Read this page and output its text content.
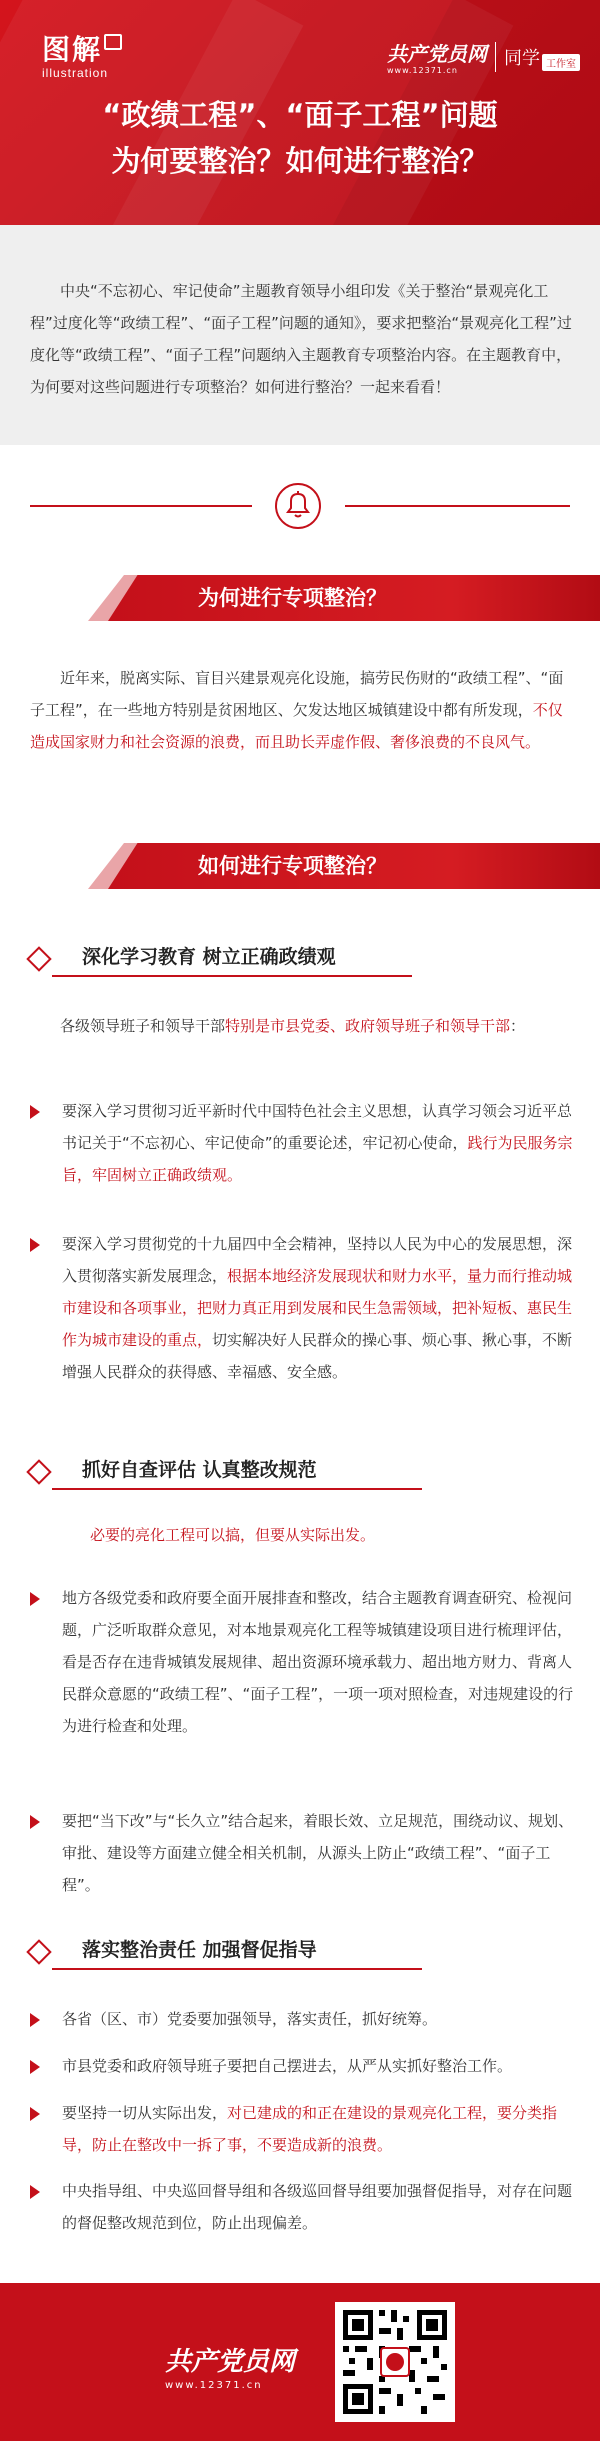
图解
illustration
共产党员网
www.12371.cn
同学 工作室
“政绩工程”、“面子工程”问题
为何要整治？如何进行整治？

中央“不忘初心、牢记使命”主题教育领导小组印发《关于整治“景观亮化工程”过度化等“政绩工程”、“面子工程”问题的通知》，要求把整治“景观亮化工程”过度化等“政绩工程”、“面子工程”问题纳入主题教育专项整治内容。在主题教育中，为何要对这些问题进行专项整治？如何进行整治？一起来看看！

为何进行专项整治？

近年来，脱离实际、盲目兴建景观亮化设施，搞劳民伤财的“政绩工程”、“面子工程”，在一些地方特别是贫困地区、欠发达地区城镇建设中都有所发现，不仅造成国家财力和社会资源的浪费，而且助长弄虚作假、奢侈浪费的不良风气。

如何进行专项整治？
深化学习教育 树立正确政绩观

各级领导班子和领导干部特别是市县党委、政府领导班子和领导干部：

要深入学习贯彻习近平新时代中国特色社会主义思想，认真学习领会习近平总书记关于“不忘初心、牢记使命”的重要论述，牢记初心使命，践行为民服务宗旨，牢固树立正确政绩观。

要深入学习贯彻党的十九届四中全会精神，坚持以人民为中心的发展思想，深入贯彻落实新发展理念，根据本地经济发展现状和财力水平，量力而行推动城市建设和各项事业，把财力真正用到发展和民生急需领域，把补短板、惠民生作为城市建设的重点，切实解决好人民群众的操心事、烦心事、揪心事，不断增强人民群众的获得感、幸福感、安全感。

抓好自查评估 认真整改规范

必要的亮化工程可以搞，但要从实际出发。

地方各级党委和政府要全面开展排查和整改，结合主题教育调查研究、检视问题，广泛听取群众意见，对本地景观亮化工程等城镇建设项目进行梳理评估，看是否存在违背城镇发展规律、超出资源环境承载力、超出地方财力、背离人民群众意愿的“政绩工程”、“面子工程”，一项一项对照检查，对违规建设的行为进行检查和处理。

要把“当下改”与“长久立”结合起来，着眼长效、立足规范，围绕动议、规划、审批、建设等方面建立健全相关机制，从源头上防止“政绩工程”、“面子工程”。

落实整治责任 加强督促指导

各省（区、市）党委要加强领导，落实责任，抓好统筹。

市县党委和政府领导班子要把自己摆进去，从严从实抓好整治工作。

要坚持一切从实际出发，对已建成的和正在建设的景观亮化工程，要分类指导，防止在整改中一拆了事，不要造成新的浪费。

中央指导组、中央巡回督导组和各级巡回督导组要加强督促指导，对存在问题的督促整改规范到位，防止出现偏差。

共产党员网
www.12371.cn
